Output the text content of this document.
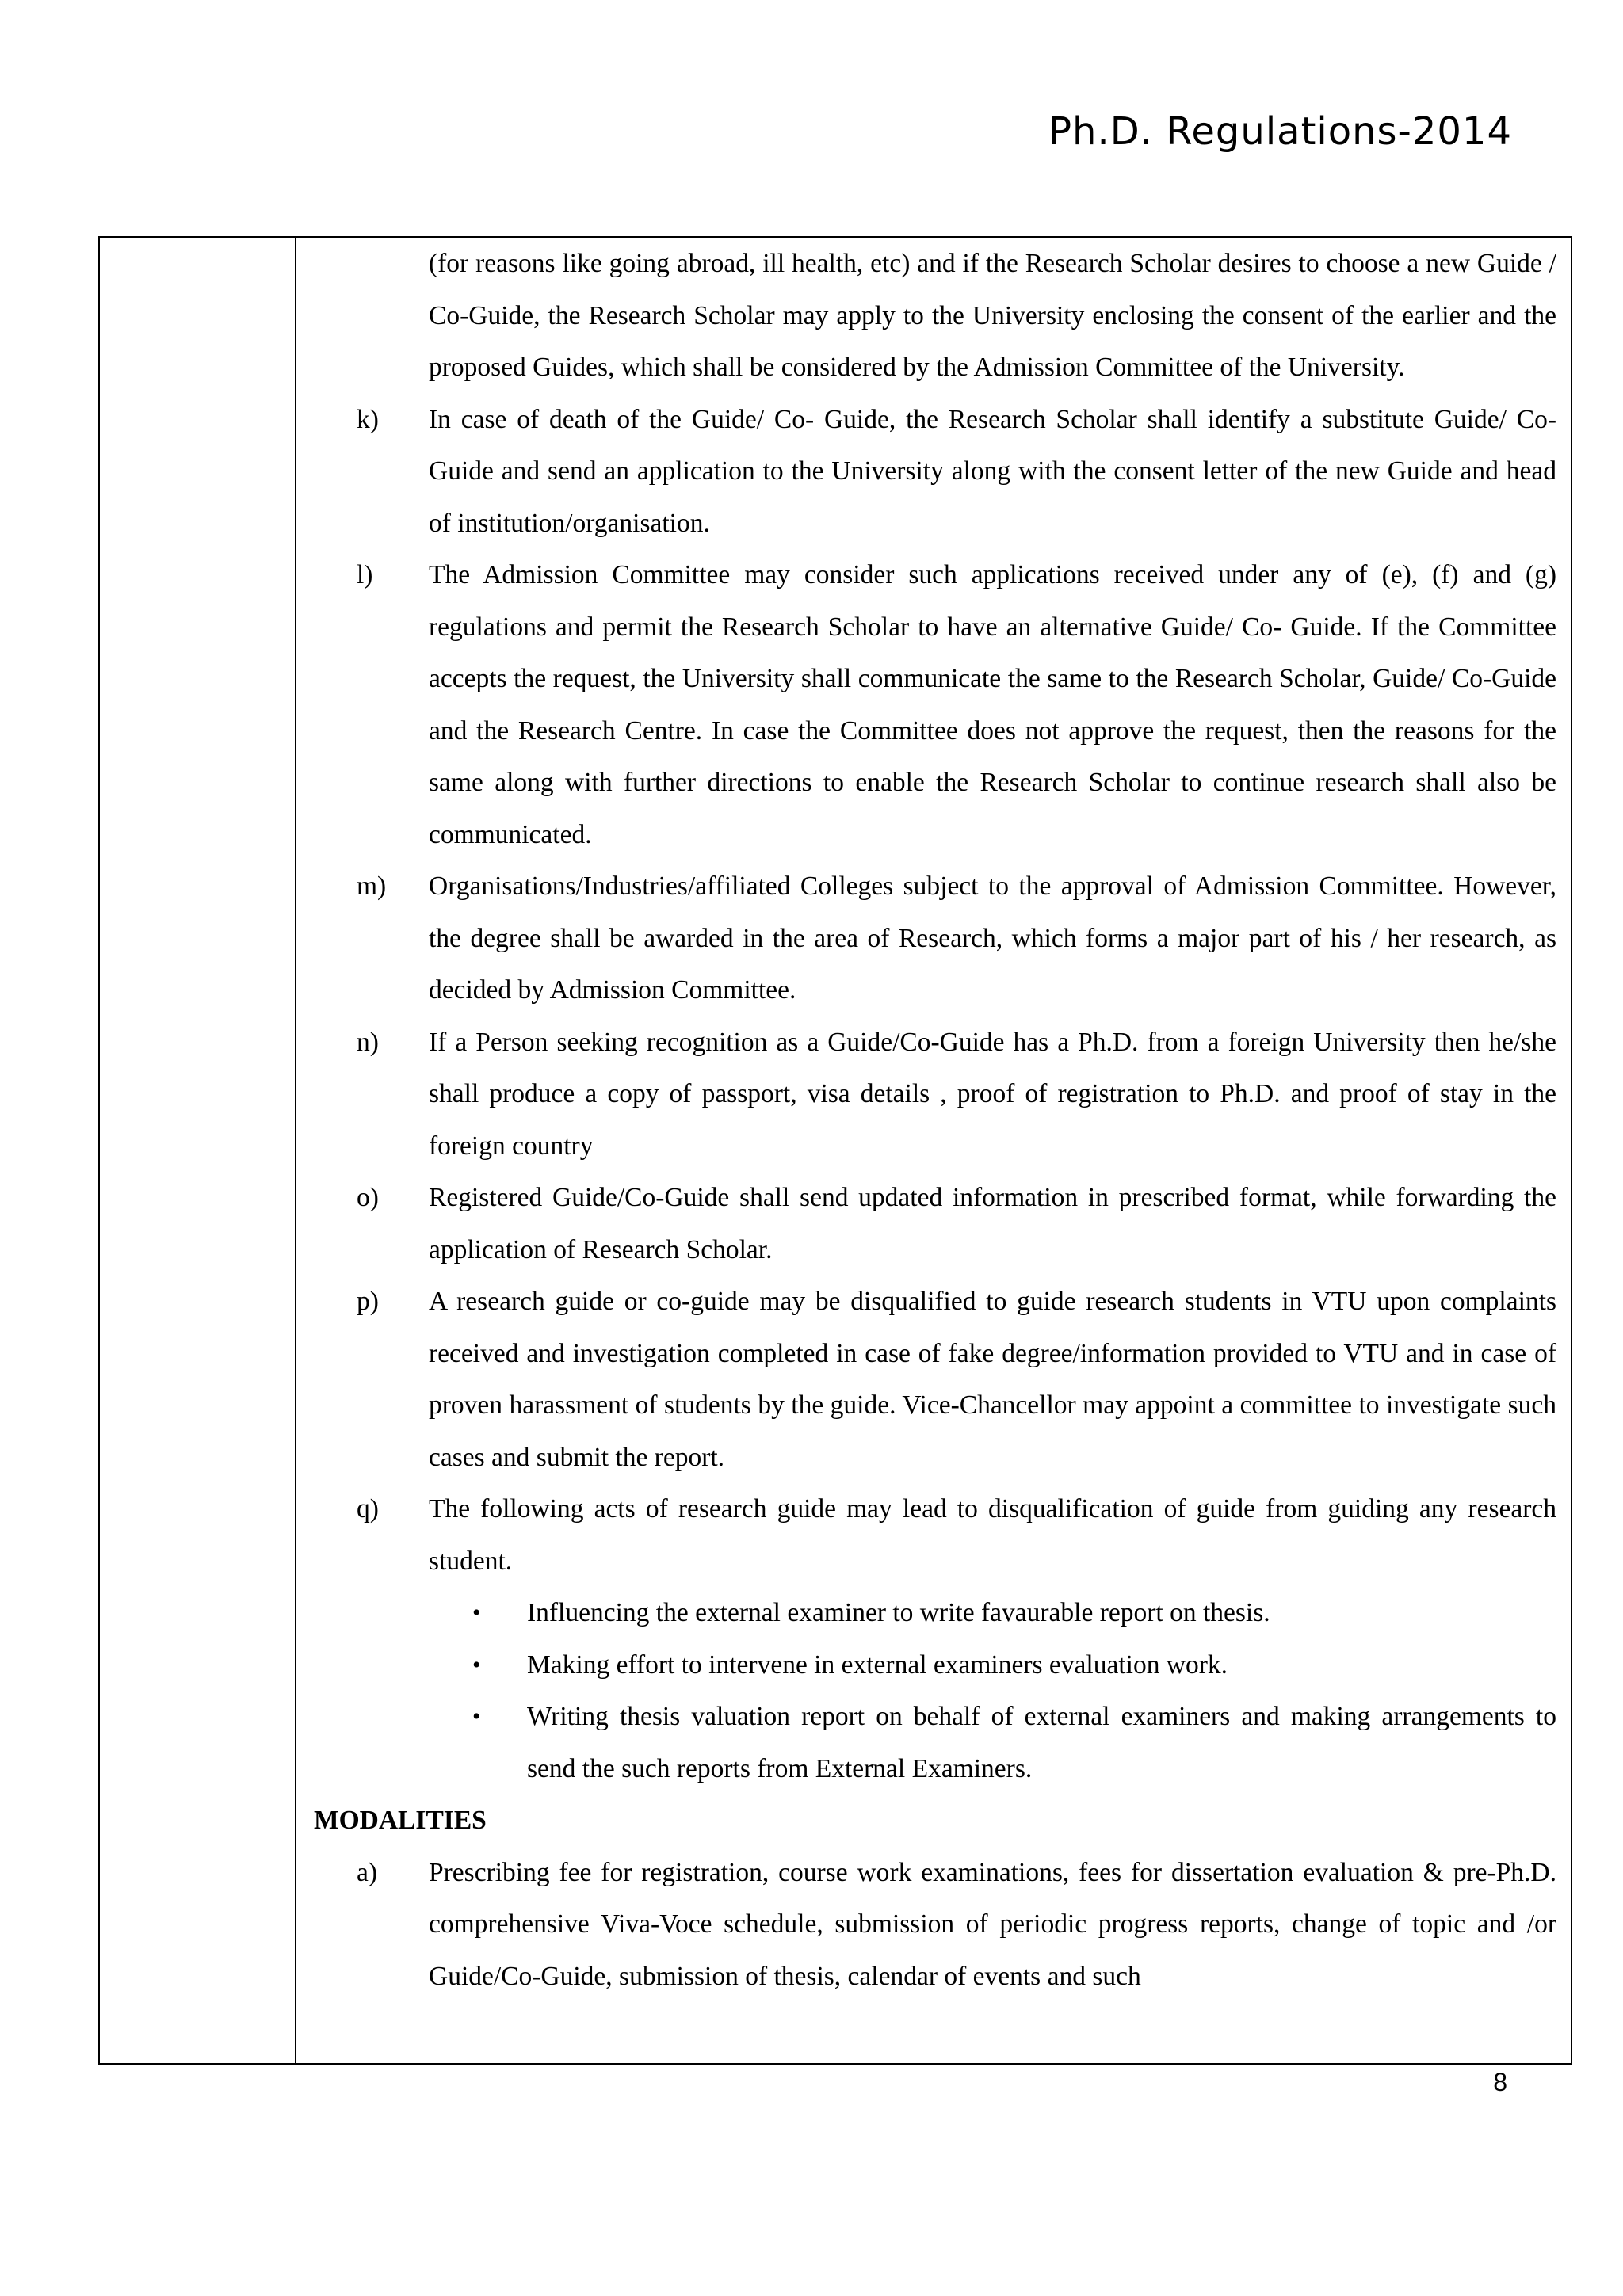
Ph.D. Regulations-2014
(for reasons like going abroad, ill health, etc) and if the Research Scholar desires to choose a new Guide / Co-Guide, the Research Scholar may apply to the University enclosing the consent of the earlier and the proposed Guides, which shall be considered by the Admission Committee of the University.
k)	In case of death of the Guide/ Co- Guide, the Research Scholar shall identify a substitute Guide/ Co- Guide and send an application to the University along with the consent letter of the new Guide and head of institution/organisation.
l)	The Admission Committee may consider such applications received under any of (e), (f) and (g) regulations and permit the Research Scholar to have an alternative Guide/ Co- Guide. If the Committee accepts the request, the University shall communicate the same to the Research Scholar, Guide/ Co-Guide and the Research Centre. In case the Committee does not approve the request, then the reasons for the same along with further directions to enable the Research Scholar to continue research shall also be communicated.
m)	Organisations/Industries/affiliated Colleges subject to the approval of Admission Committee. However, the degree shall be awarded in the area of Research, which forms a major part of his / her research, as decided by Admission Committee.
n)	If a Person seeking recognition as a Guide/Co-Guide has a Ph.D. from a foreign University then he/she shall produce a copy of passport, visa details , proof of registration to Ph.D. and proof of stay in the foreign country
o)	Registered Guide/Co-Guide shall send updated information in prescribed format, while forwarding the application of Research Scholar.
p)	A research guide or co-guide may be disqualified to guide research students in VTU upon complaints received and investigation completed in case of fake degree/information provided to VTU and in case of proven harassment of students by the guide. Vice-Chancellor may appoint a committee to investigate such cases and submit the report.
q)	The following acts of research guide may lead to disqualification of guide from guiding any research student.
• Influencing the external examiner to write favaurable report on thesis.
• Making effort to intervene in external examiners evaluation work.
• Writing thesis valuation report on behalf of external examiners and making arrangements to send the such reports from External Examiners.
MODALITIES
a)	Prescribing fee for registration, course work examinations, fees for dissertation evaluation & pre-Ph.D. comprehensive Viva-Voce schedule, submission of periodic progress reports, change of topic and /or Guide/Co-Guide, submission of thesis, calendar of events and such

8
